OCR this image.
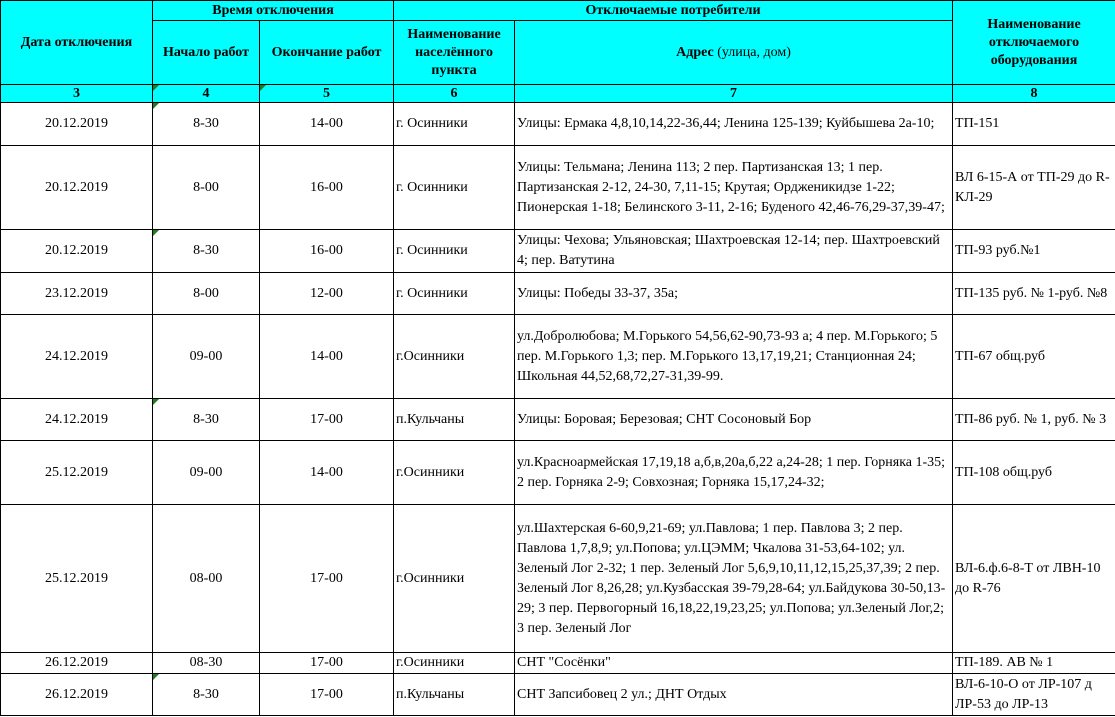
Дата отключения	Время отключения		Отключаемые потребители		Наименование отключаемого оборудования
	Начало работ	Окончание работ	Наименование населённого пункта	Адрес (улица, дом)	
3	4	5	6	7	8
20.12.2019	8-30	14-00	г. Осинники	Улицы: Ермака 4,8,10,14,22-36,44; Ленина 125-139; Куйбышева 2а-10;	ТП-151
20.12.2019	8-00	16-00	г. Осинники	Улицы: Тельмана; Ленина 113; 2 пер. Партизанская 13; 1 пер. Партизанская 2-12, 24-30, 7,11-15; Крутая; Ордженикидзе 1-22; Пионерская 1-18; Белинского 3-11, 2-16; Буденого 42,46-76,29-37,39-47;	ВЛ 6-15-А от ТП-29 до R-КЛ-29
20.12.2019	8-30	16-00	г. Осинники	Улицы: Чехова; Ульяновская; Шахтроевская 12-14; пер. Шахтроевский 4; пер. Ватутина	ТП-93 руб.№1
23.12.2019	8-00	12-00	г. Осинники	Улицы: Победы 33-37, 35а;	ТП-135 руб. № 1-руб. №8
24.12.2019	09-00	14-00	г.Осинники	ул.Добролюбова; М.Горького 54,56,62-90,73-93 а; 4 пер. М.Горького; 5 пер. М.Горького 1,3; пер. М.Горького 13,17,19,21; Станционная 24; Школьная 44,52,68,72,27-31,39-99.	ТП-67 общ.руб
24.12.2019	8-30	17-00	п.Кульчаны	Улицы: Боровая; Березовая; СНТ Сосоновый Бор	ТП-86 руб. № 1, руб. № 3
25.12.2019	09-00	14-00	г.Осинники	ул.Красноармейская 17,19,18 а,б,в,20а,б,22 а,24-28; 1 пер. Горняка 1-35; 2 пер. Горняка 2-9; Совхозная; Горняка 15,17,24-32;	ТП-108 общ.руб
25.12.2019	08-00	17-00	г.Осинники	ул.Шахтерская 6-60,9,21-69; ул.Павлова; 1 пер. Павлова 3; 2 пер. Павлова 1,7,8,9; ул.Попова; ул.ЦЭММ; Чкалова 31-53,64-102; ул. Зеленый Лог 2-32; 1 пер. Зеленый Лог 5,6,9,10,11,12,15,25,37,39; 2 пер. Зеленый Лог 8,26,28; ул.Кузбасская 39-79,28-64; ул.Байдукова 30-50,13-29; 3 пер. Первогорный 16,18,22,19,23,25; ул.Попова; ул.Зеленый Лог,2; 3 пер. Зеленый Лог	ВЛ-6.ф.6-8-Т от ЛВН-10 до R-76
26.12.2019	08-30	17-00	г.Осинники	СНТ "Сосёнки"	ТП-189. АВ № 1
26.12.2019	8-30	17-00	п.Кульчаны	СНТ Запсибовец 2 ул.; ДНТ Отдых	ВЛ-6-10-О от ЛР-107 д ЛР-53 до ЛР-13
